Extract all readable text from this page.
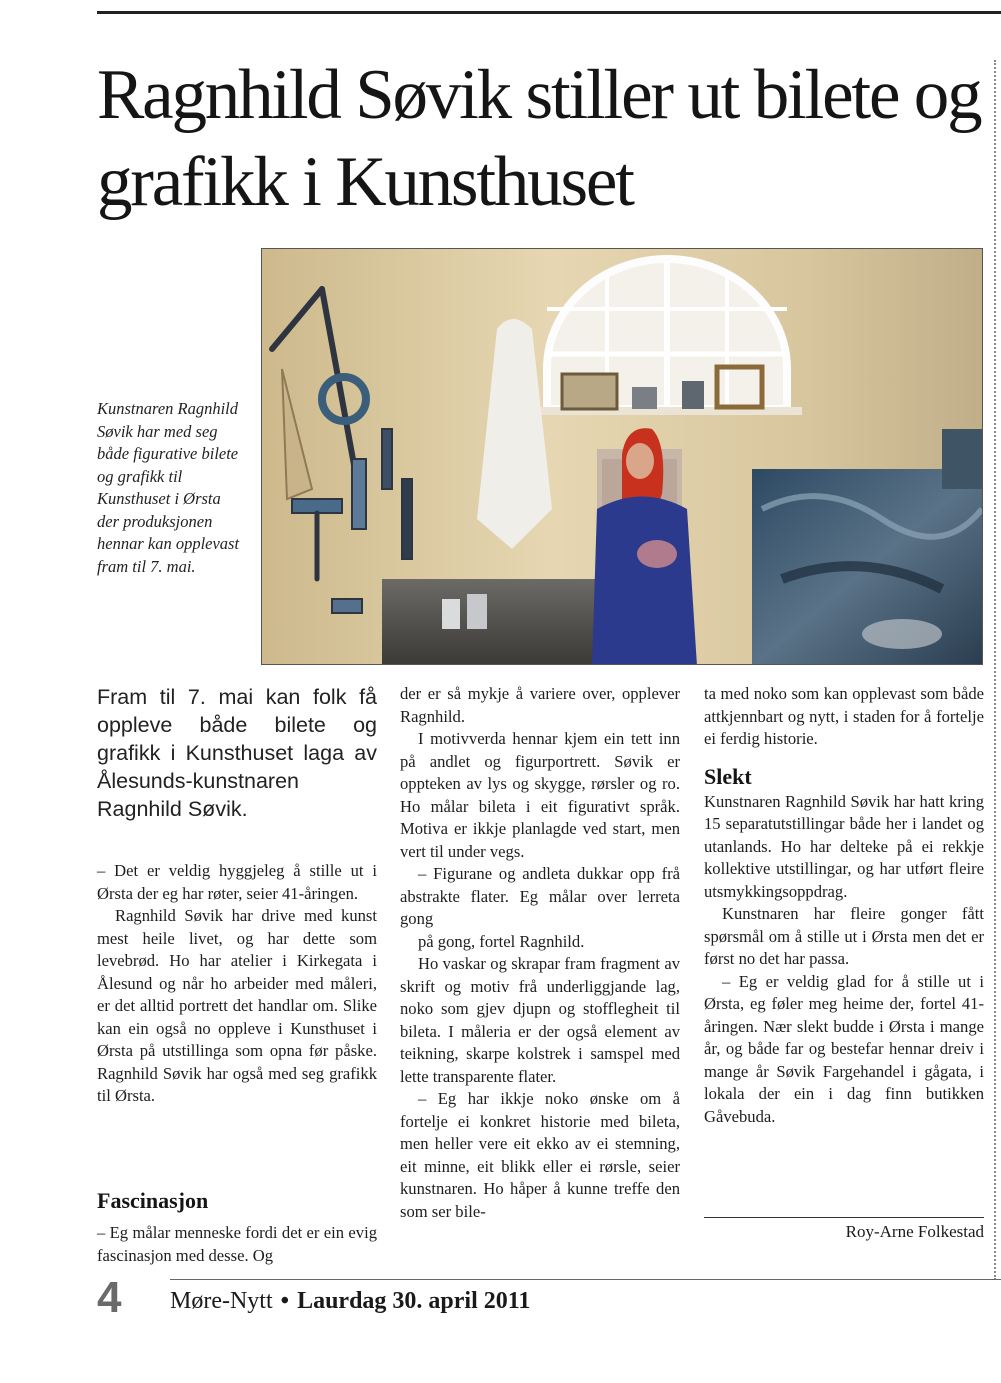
Ragnhild Søvik stiller ut bilete og grafikk i Kunsthuset
Kunstnaren Ragnhild Søvik har med seg både figurative bilete og grafikk til Kunsthuset i Ørsta der produksjonen hennar kan opplevast fram til 7. mai.
Fram til 7. mai kan folk få oppleve både bilete og grafikk i Kunsthuset laga av Ålesunds-kunstnaren Ragnhild Søvik.

– Det er veldig hyggjeleg å stille ut i Ørsta der eg har røter, seier 41-åringen.

Ragnhild Søvik har drive med kunst mest heile livet, og har dette som levebrød. Ho har atelier i Kirkegata i Ålesund og når ho arbeider med måleri, er det alltid portrett det handlar om. Slike kan ein også no oppleve i Kunsthuset i Ørsta på utstillinga som opna før påske. Ragnhild Søvik har også med seg grafikk til Ørsta.

Fascinasjon

– Eg målar menneske fordi det er ein evig fascinasjon med desse. Og

der er så mykje å variere over, opplever Ragnhild.

I motivverda hennar kjem ein tett inn på andlet og figurportrett. Søvik er oppteken av lys og skygge, rørsler og ro. Ho målar bileta i eit figurativt språk. Motiva er ikkje planlagde ved start, men vert til under vegs.

– Figurane og andleta dukkar opp frå abstrakte flater. Eg målar over lerreta gong

på gong, fortel Ragnhild.

Ho vaskar og skrapar fram fragment av skrift og motiv frå underliggjande lag, noko som gjev djupn og stofflegheit til bileta. I måleria er der også element av teikning, skarpe kolstrek i samspel med lette transparente flater.

– Eg har ikkje noko ønske om å fortelje ei konkret historie med bileta, men heller vere eit ekko av ei stemning, eit minne, eit blikk eller ei rørsle, seier kunstnaren. Ho håper å kunne treffe den som ser bile-

ta med noko som kan opplevast som både attkjennbart og nytt, i staden for å fortelje ei ferdig historie.

Slekt

Kunstnaren Ragnhild Søvik har hatt kring 15 separatutstillingar både her i landet og utanlands. Ho har delteke på ei rekkje kollektive utstillingar, og har utført fleire utsmykkingsoppdrag.

Kunstnaren har fleire gonger fått spørsmål om å stille ut i Ørsta men det er først no det har passa.

– Eg er veldig glad for å stille ut i Ørsta, eg føler meg heime der, fortel 41-åringen. Nær slekt budde i Ørsta i mange år, og både far og bestefar hennar dreiv i mange år Søvik Fargehandel i gågata, i lokala der ein i dag finn butikken Gåvebuda.

Roy-Arne Folkestad
4 Møre-Nytt • Laurdag 30. april 2011
